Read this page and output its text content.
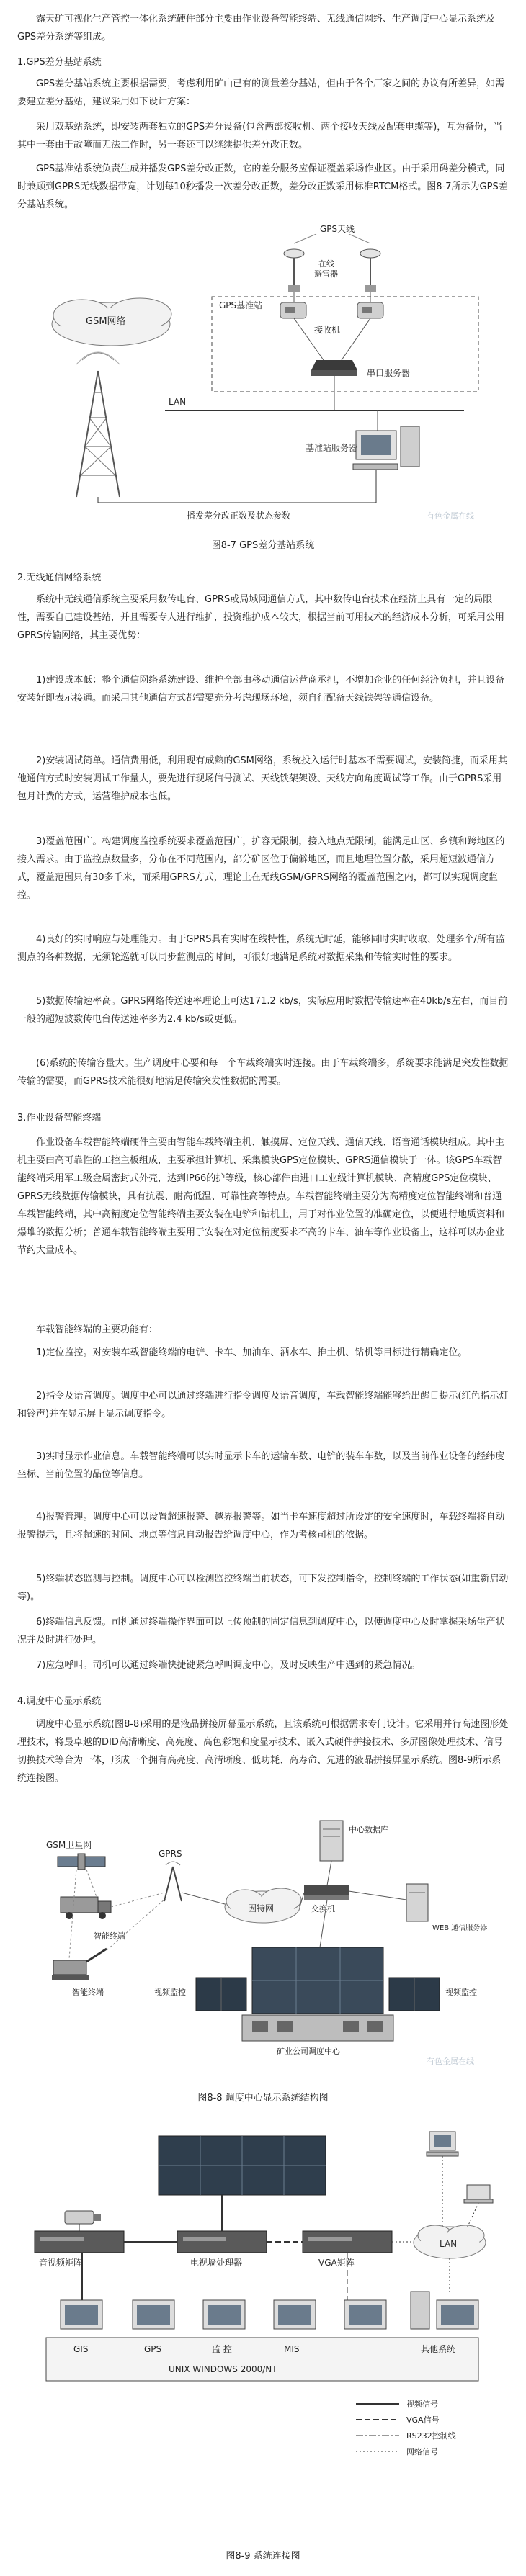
露天矿可视化生产管控一体化系统硬件部分主要由作业设备智能终端、无线通信网络、生产调度中心显示系统及GPS差分系统等组成。

1.GPS差分基站系统

GPS差分基站系统主要根据需要，考虑利用矿山已有的测量差分基站，但由于各个厂家之间的协议有所差异，如需要建立差分基站，建议采用如下设计方案：

采用双基站系统，即安装两套独立的GPS差分设备(包含两部接收机、两个接收天线及配套电缆等)，互为备份，当其中一套由于故障而无法工作时，另一套还可以继续提供差分改正数。

GPS基准站系统负责生成并播发GPS差分改正数，它的差分服务应保证覆盖采场作业区。由于采用码差分模式，同时兼顾到GPRS无线数据带宽，计划每10秒播发一次差分改正数，差分改正数采用标准RTCM格式。图8-7所示为GPS差分基站系统。

GPS天线
在线
避雷器
GPS基准站
接收机
串口服务器
LAN
基准站服务器
GSM网络
播发差分改正数及状态参数	有色金属在线
图8-7 GPS差分基站系统

2.无线通信网络系统

系统中无线通信系统主要采用数传电台、GPRS或局域网通信方式，其中数传电台技术在经济上具有一定的局限性，需要自己建设基站，并且需要专人进行维护，投资维护成本较大，根据当前可用技术的经济成本分析，可采用公用GPRS传输网络，其主要优势：

1)建设成本低：整个通信网络系统建设、维护全部由移动通信运营商承担，不增加企业的任何经济负担，并且设备安装好即表示接通。而采用其他通信方式都需要充分考虑现场环境，须自行配备天线铁架等通信设备。

2)安装调试简单。通信费用低，利用现有成熟的GSM网络，系统投入运行时基本不需要调试，安装简捷，而采用其他通信方式时安装调试工作量大，要先进行现场信号测试、天线铁架架设、天线方向角度调试等工作。由于GPRS采用包月计费的方式，运营维护成本也低。

3)覆盖范围广。构建调度监控系统要求覆盖范围广，扩容无限制，接入地点无限制，能满足山区、乡镇和跨地区的接入需求。由于监控点数量多，分布在不同范围内，部分矿区位于偏僻地区，而且地理位置分散，采用超短波通信方式，覆盖范围只有30多千米，而采用GPRS方式，理论上在无线GSM/GPRS网络的覆盖范围之内，都可以实现调度监控。

4)良好的实时响应与处理能力。由于GPRS具有实时在线特性，系统无时延，能够同时实时收取、处理多个/所有监测点的各种数据，无须轮巡就可以同步监测点的时间，可很好地满足系统对数据采集和传输实时性的要求。

5)数据传输速率高。GPRS网络传送速率理论上可达171.2 kb/s，实际应用时数据传输速率在40kb/s左右，而目前一般的超短波数传电台传送速率多为2.4 kb/s或更低。

(6)系统的传输容量大。生产调度中心要和每一个车载终端实时连接。由于车载终端多，系统要求能满足突发性数据传输的需要，而GPRS技术能很好地满足传输突发性数据的需要。

3.作业设备智能终端

作业设备车载智能终端硬件主要由智能车载终端主机、触摸屏、定位天线、通信天线、语音通话模块组成。其中主机主要由高可靠性的工控主板组成，主要承担计算机、采集模块GPS定位模块、GPRS通信模块于一体。该GPS车载智能终端采用军工级金属密封式外壳，达到IP66的护等级，核心部件由进口工业级计算机模块、高精度GPS定位模块、GPRS无线数据传输模块，具有抗震、耐高低温、可靠性高等特点。车载智能终端主要分为高精度定位智能终端和普通车载智能终端，其中高精度定位智能终端主要安装在电铲和钻机上，用于对作业位置的准确定位，以便进行地质资料和爆堆的数据分析；普通车载智能终端主要用于安装在对定位精度要求不高的卡车、油车等作业设备上，这样可以办企业节约大量成本。

车载智能终端的主要功能有：

1)定位监控。对安装车载智能终端的电铲、卡车、加油车、洒水车、推土机、钻机等目标进行精确定位。

2)指令及语音调度。调度中心可以通过终端进行指令调度及语音调度，车载智能终端能够给出醒目提示(红色指示灯和铃声)并在显示屏上显示调度指令。

3)实时显示作业信息。车载智能终端可以实时显示卡车的运输车数、电铲的装车车数，以及当前作业设备的经纬度坐标、当前位置的品位等信息。

4)报警管理。调度中心可以设置超速报警、越界报警等。如当卡车速度超过所设定的安全速度时，车载终端将自动报警提示，且将超速的时间、地点等信息自动报告给调度中心，作为考核司机的依据。

5)终端状态监测与控制。调度中心可以检测监控终端当前状态，可下发控制指令，控制终端的工作状态(如重新启动等)。

6)终端信息反馈。司机通过终端操作界面可以上传预制的固定信息到调度中心，以便调度中心及时掌握采场生产状况并及时进行处理。

7)应急呼叫。司机可以通过终端快捷键紧急呼叫调度中心，及时反映生产中遇到的紧急情况。

4.调度中心显示系统

调度中心显示系统(图8-8)采用的是液晶拼接屏幕显示系统，且该系统可根据需求专门设计。它采用并行高速图形处理技术，将最卓越的DID高清晰度、高亮度、高色彩饱和度显示技术、嵌入式硬件拼接技术、多屏图像处理技术、信号切换技术等合为一体，形成一个拥有高亮度、高清晰度、低功耗、高寿命、先进的液晶拼接屏显示系统。图8-9所示系统连接图。

GSM卫星网
智能终端
智能终端
GPRS
因特网
中心数据库
交换机
WEB 通信服务器
视频监控	视频监控
矿业公司调度中心
有色金属在线
图8-8 调度中心显示系统结构图
音视频矩阵	电视墙处理器	VGA矩阵
LAN
GIS	GPS	监 控	MIS	其他系统
UNIX WINDOWS 2000/NT
视频信号
VGA信号
RS232控制线
网络信号
图8-9 系统连接图
